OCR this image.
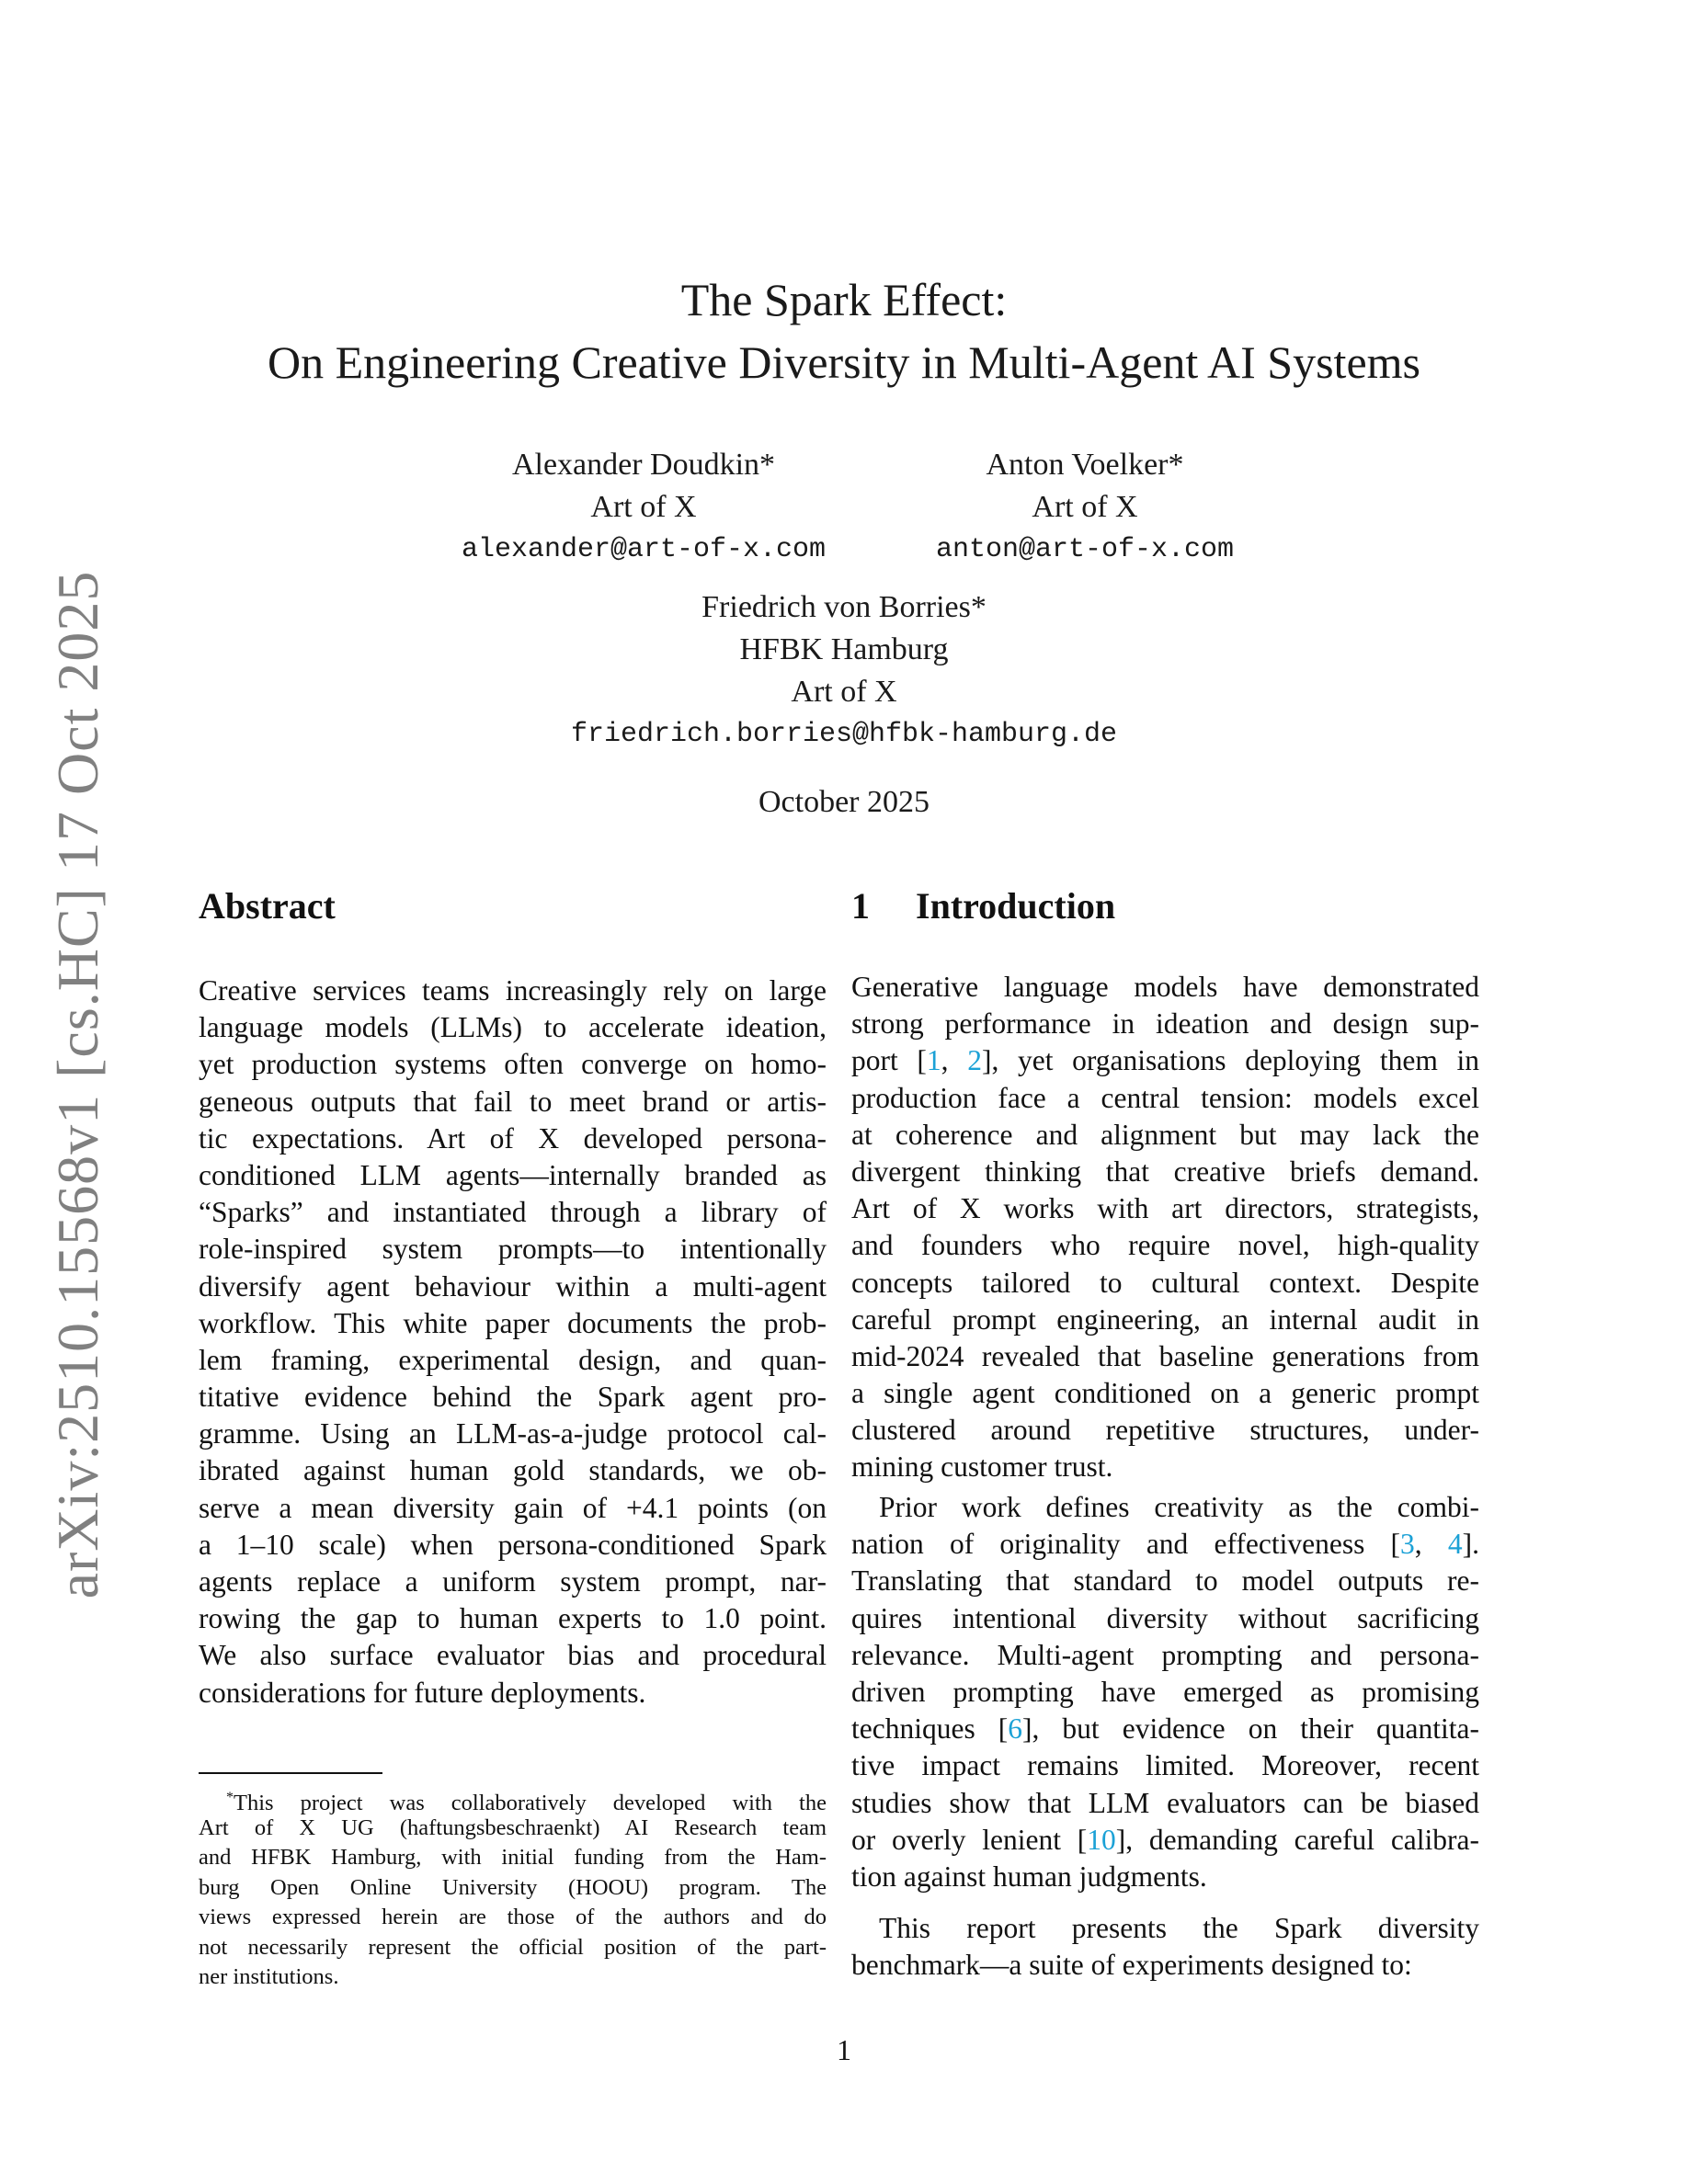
arXiv:2510.15568v1 [cs.HC] 17 Oct 2025
The Spark Effect:
On Engineering Creative Diversity in Multi-Agent AI Systems
Alexander Doudkin*
Art of X
alexander@art-of-x.com
Anton Voelker*
Art of X
anton@art-of-x.com
Friedrich von Borries*
HFBK Hamburg
Art of X
friedrich.borries@hfbk-hamburg.de
October 2025
Abstract
Creative services teams increasingly rely on large
language models (LLMs) to accelerate ideation,
yet production systems often converge on homo-
geneous outputs that fail to meet brand or artis-
tic expectations. Art of X developed persona-
conditioned LLM agents—internally branded as
“Sparks” and instantiated through a library of
role-inspired system prompts—to intentionally
diversify agent behaviour within a multi-agent
workflow. This white paper documents the prob-
lem framing, experimental design, and quan-
titative evidence behind the Spark agent pro-
gramme. Using an LLM-as-a-judge protocol cal-
ibrated against human gold standards, we ob-
serve a mean diversity gain of +4.1 points (on
a 1–10 scale) when persona-conditioned Spark
agents replace a uniform system prompt, nar-
rowing the gap to human experts to 1.0 point.
We also surface evaluator bias and procedural
considerations for future deployments.
*This project was collaboratively developed with the
Art of X UG (haftungsbeschraenkt) AI Research team
and HFBK Hamburg, with initial funding from the Ham-
burg Open Online University (HOOU) program. The
views expressed herein are those of the authors and do
not necessarily represent the official position of the part-
ner institutions.
1 Introduction
Generative language models have demonstrated
strong performance in ideation and design sup-
port [1, 2], yet organisations deploying them in
production face a central tension: models excel
at coherence and alignment but may lack the
divergent thinking that creative briefs demand.
Art of X works with art directors, strategists,
and founders who require novel, high-quality
concepts tailored to cultural context. Despite
careful prompt engineering, an internal audit in
mid-2024 revealed that baseline generations from
a single agent conditioned on a generic prompt
clustered around repetitive structures, under-
mining customer trust.
Prior work defines creativity as the combi-
nation of originality and effectiveness [3, 4].
Translating that standard to model outputs re-
quires intentional diversity without sacrificing
relevance. Multi-agent prompting and persona-
driven prompting have emerged as promising
techniques [6], but evidence on their quantita-
tive impact remains limited. Moreover, recent
studies show that LLM evaluators can be biased
or overly lenient [10], demanding careful calibra-
tion against human judgments.
This report presents the Spark diversity
benchmark—a suite of experiments designed to:
1
